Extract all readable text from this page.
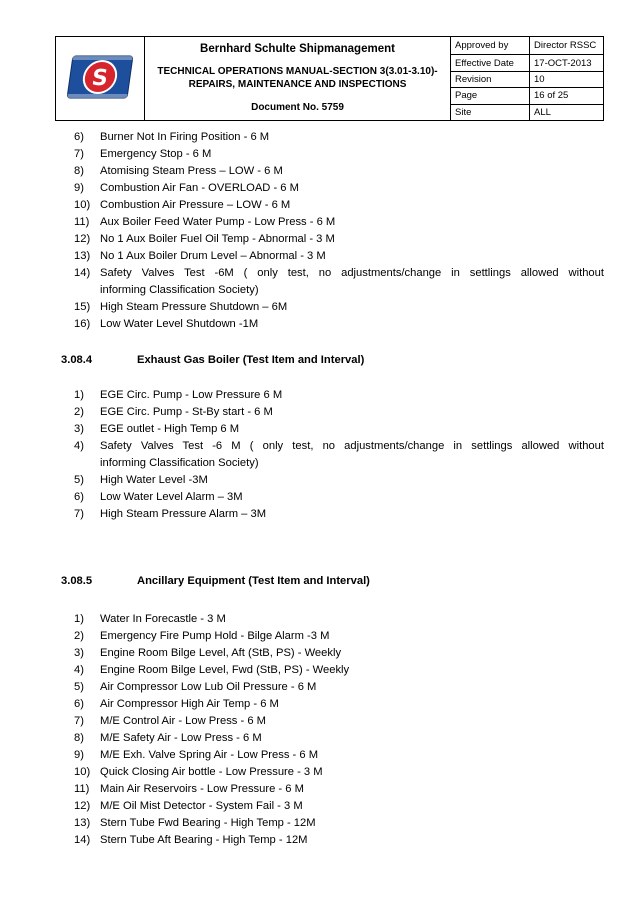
S	Bernhard Schulte Shipmanagement
TECHNICAL OPERATIONS MANUAL-SECTION 3(3.01-3.10)- REPAIRS, MAINTENANCE AND INSPECTIONS
Document No. 5759	Approved by	Director RSSC
		Effective Date	17-OCT-2013
		Revision	10
		Page	16 of 25
		Site	ALL
6) Burner Not In Firing Position - 6 M
7) Emergency Stop - 6 M
8) Atomising Steam Press – LOW - 6 M
9) Combustion Air Fan - OVERLOAD - 6 M
10) Combustion Air Pressure – LOW - 6 M
11) Aux Boiler Feed Water Pump - Low Press - 6 M
12) No 1 Aux Boiler Fuel Oil Temp - Abnormal - 3 M
13) No 1 Aux Boiler Drum Level – Abnormal - 3 M
14) Safety Valves Test -6M ( only test, no adjustments/change in settlings allowed without
informing Classification Society)
15) High Steam Pressure Shutdown – 6M
16) Low Water Level Shutdown -1M
3.08.4	Exhaust Gas Boiler (Test Item and Interval)
1) EGE Circ. Pump - Low Pressure 6 M
2) EGE Circ. Pump - St-By start - 6 M
3) EGE outlet - High Temp 6 M
4) Safety Valves Test -6 M ( only test, no adjustments/change in settlings allowed without
informing Classification Society)
5) High Water Level -3M
6) Low Water Level Alarm – 3M
7) High Steam Pressure Alarm – 3M
3.08.5	Ancillary Equipment (Test Item and Interval)
1) Water In Forecastle - 3 M
2) Emergency Fire Pump Hold - Bilge Alarm -3 M
3) Engine Room Bilge Level, Aft (StB, PS) - Weekly
4) Engine Room Bilge Level, Fwd (StB, PS) - Weekly
5) Air Compressor Low Lub Oil Pressure - 6 M
6) Air Compressor High Air Temp - 6 M
7) M/E Control Air - Low Press - 6 M
8) M/E Safety Air - Low Press - 6 M
9) M/E Exh. Valve Spring Air - Low Press - 6 M
10) Quick Closing Air bottle - Low Pressure - 3 M
11) Main Air Reservoirs - Low Pressure - 6 M
12) M/E Oil Mist Detector - System Fail - 3 M
13) Stern Tube Fwd Bearing - High Temp - 12M
14) Stern Tube Aft Bearing - High Temp - 12M
